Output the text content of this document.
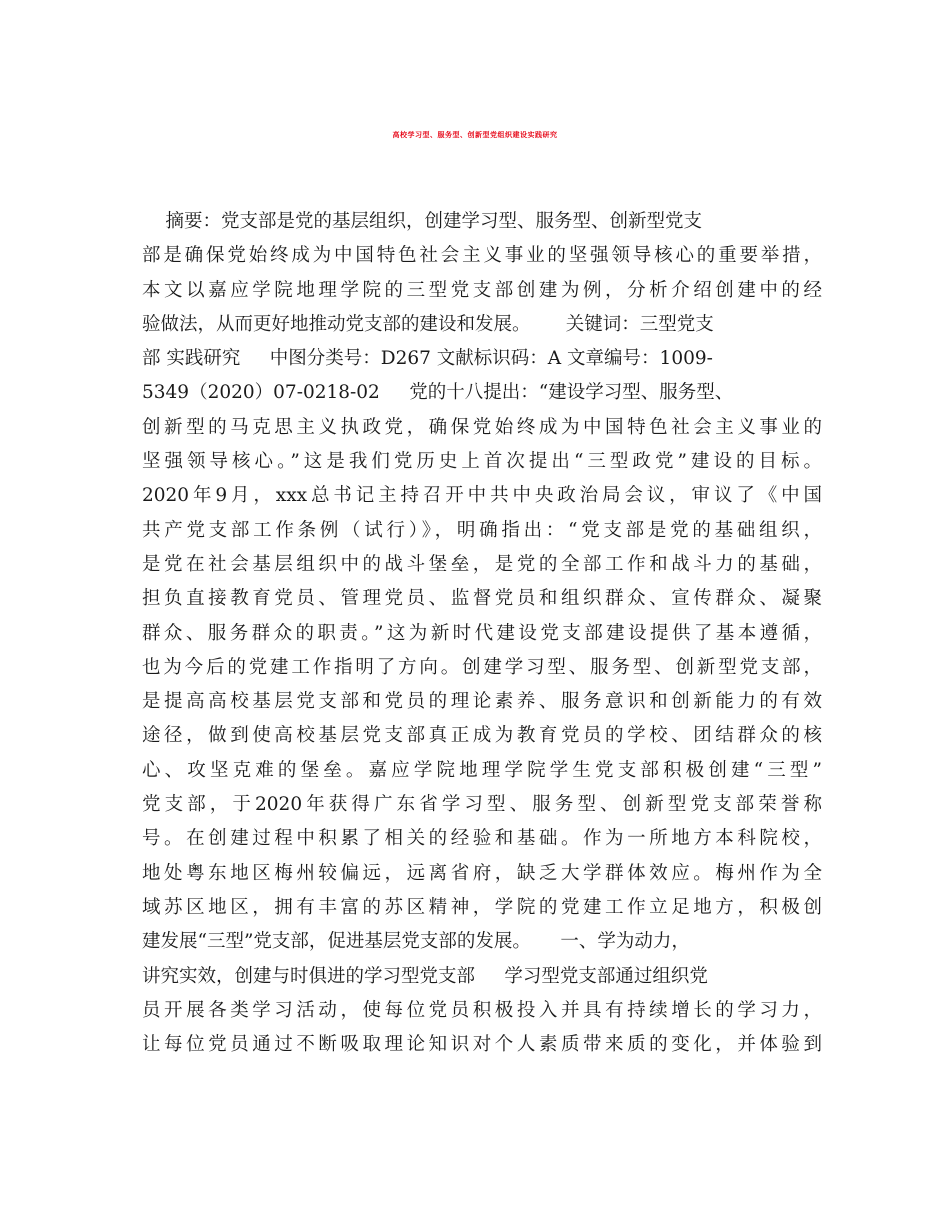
高校学习型、服务型、创新型党组织建设实践研究
摘要：党支部是党的基层组织，创建学习型、服务型、创新型党支
部是确保党始终成为中国特色社会主义事业的坚强领导核心的重要举措，
本文以嘉应学院地理学院的三型党支部创建为例，分析介绍创建中的经
验做法，从而更好地推动党支部的建设和发展。      关键词：三型党支
部 实践研究     中图分类号：D267 文献标识码：A 文章编号：1009-
5349（2020）07-0218-02     党的十八提出：“建设学习型、服务型、
创新型的马克思主义执政党，确保党始终成为中国特色社会主义事业的
坚强领导核心。”这是我们党历史上首次提出“三型政党”建设的目标。
2020年9月，xxx总书记主持召开中共中央政治局会议，审议了《中国
共产党支部工作条例（试行）》，明确指出：“党支部是党的基础组织，
是党在社会基层组织中的战斗堡垒，是党的全部工作和战斗力的基础，
担负直接教育党员、管理党员、监督党员和组织群众、宣传群众、凝聚
群众、服务群众的职责。”这为新时代建设党支部建设提供了基本遵循，
也为今后的党建工作指明了方向。创建学习型、服务型、创新型党支部，
是提高高校基层党支部和党员的理论素养、服务意识和创新能力的有效
途径，做到使高校基层党支部真正成为教育党员的学校、团结群众的核
心、攻坚克难的堡垒。嘉应学院地理学院学生党支部积极创建“三型”
党支部，于2020年获得广东省学习型、服务型、创新型党支部荣誉称
号。在创建过程中积累了相关的经验和基础。作为一所地方本科院校，
地处粤东地区梅州较偏远，远离省府，缺乏大学群体效应。梅州作为全
域苏区地区，拥有丰富的苏区精神，学院的党建工作立足地方，积极创
建发展“三型”党支部，促进基层党支部的发展。     一、学为动力，
讲究实效，创建与时俱进的学习型党支部     学习型党支部通过组织党
员开展各类学习活动，使每位党员积极投入并具有持续增长的学习力，
让每位党员通过不断吸取理论知识对个人素质带来质的变化，并体验到
